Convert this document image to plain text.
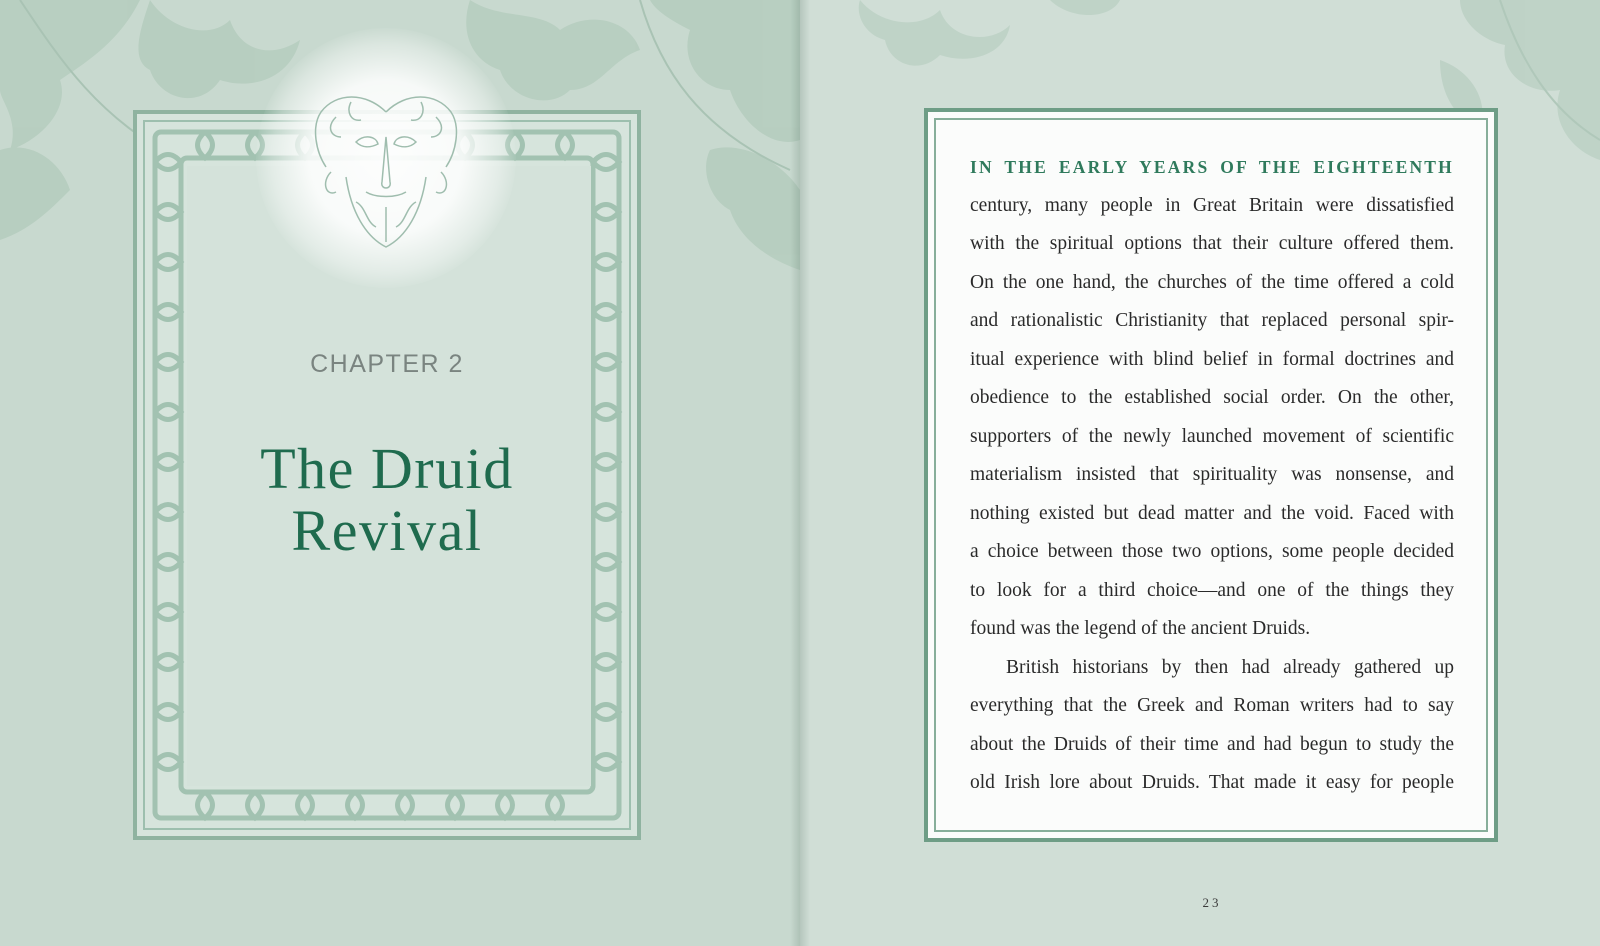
CHAPTER 2
The Druid
Revival
IN THE EARLY YEARS OF THE EIGHTEENTH
century, many people in Great Britain were dissatisfied
with the spiritual options that their culture offered them.
On the one hand, the churches of the time offered a cold
and rationalistic Christianity that replaced personal spir-
itual experience with blind belief in formal doctrines and
obedience to the established social order. On the other,
supporters of the newly launched movement of scientific
materialism insisted that spirituality was nonsense, and
nothing existed but dead matter and the void. Faced with
a choice between those two options, some people decided
to look for a third choice—and one of the things they
found was the legend of the ancient Druids.
British historians by then had already gathered up
everything that the Greek and Roman writers had to say
about the Druids of their time and had begun to study the
old Irish lore about Druids. That made it easy for people
23
